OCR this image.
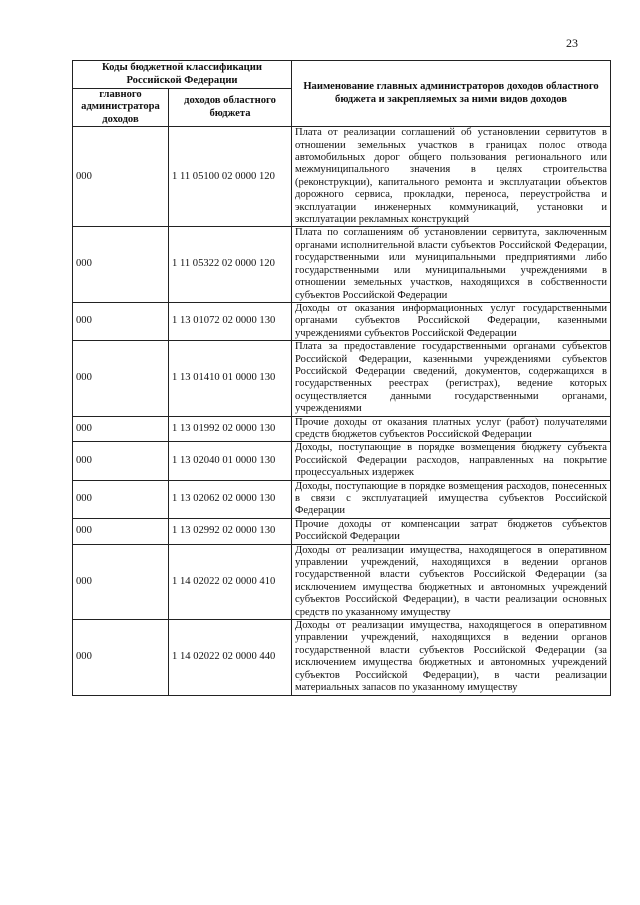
23
Коды бюджетной классификации Российской Федерации		Наименование главных администраторов доходов областного бюджета и закрепляемых за ними видов доходов
главного администратора доходов	доходов областного бюджета	
000	1 11 05100 02 0000 120	Плата от реализации соглашений об установлении сервитутов в отношении земельных участков в границах полос отвода автомобильных дорог общего пользования регионального или межмуниципального значения в целях строительства (реконструкции), капитального ремонта и эксплуатации объектов дорожного сервиса, прокладки, переноса, переустройства и эксплуатации инженерных коммуникаций, установки и эксплуатации рекламных конструкций
000	1 11 05322 02 0000 120	Плата по соглашениям об установлении сервитута, заключенным органами исполнительной власти субъектов Российской Федерации, государственными или муниципальными предприятиями либо государственными или муниципальными учреждениями в отношении земельных участков, находящихся в собственности субъектов Российской Федерации
000	1 13 01072 02 0000 130	Доходы от оказания информационных услуг государственными органами субъектов Российской Федерации, казенными учреждениями субъектов Российской Федерации
000	1 13 01410 01 0000 130	Плата за предоставление государственными органами субъектов Российской Федерации, казенными учреждениями субъектов Российской Федерации сведений, документов, содержащихся в государственных реестрах (регистрах), ведение которых осуществляется данными государственными органами, учреждениями
000	1 13 01992 02 0000 130	Прочие доходы от оказания платных услуг (работ) получателями средств бюджетов субъектов Российской Федерации
000	1 13 02040 01 0000 130	Доходы, поступающие в порядке возмещения бюджету субъекта Российской Федерации расходов, направленных на покрытие процессуальных издержек
000	1 13 02062 02 0000 130	Доходы, поступающие в порядке возмещения расходов, понесенных в связи с эксплуатацией имущества субъектов Российской Федерации
000	1 13 02992 02 0000 130	Прочие доходы от компенсации затрат бюджетов субъектов Российской Федерации
000	1 14 02022 02 0000 410	Доходы от реализации имущества, находящегося в оперативном управлении учреждений, находящихся в ведении органов государственной власти субъектов Российской Федерации (за исключением имущества бюджетных и автономных учреждений субъектов Российской Федерации), в части реализации основных средств по указанному имуществу
000	1 14 02022 02 0000 440	Доходы от реализации имущества, находящегося в оперативном управлении учреждений, находящихся в ведении органов государственной власти субъектов Российской Федерации (за исключением имущества бюджетных и автономных учреждений субъектов Российской Федерации), в части реализации материальных запасов по указанному имуществу
